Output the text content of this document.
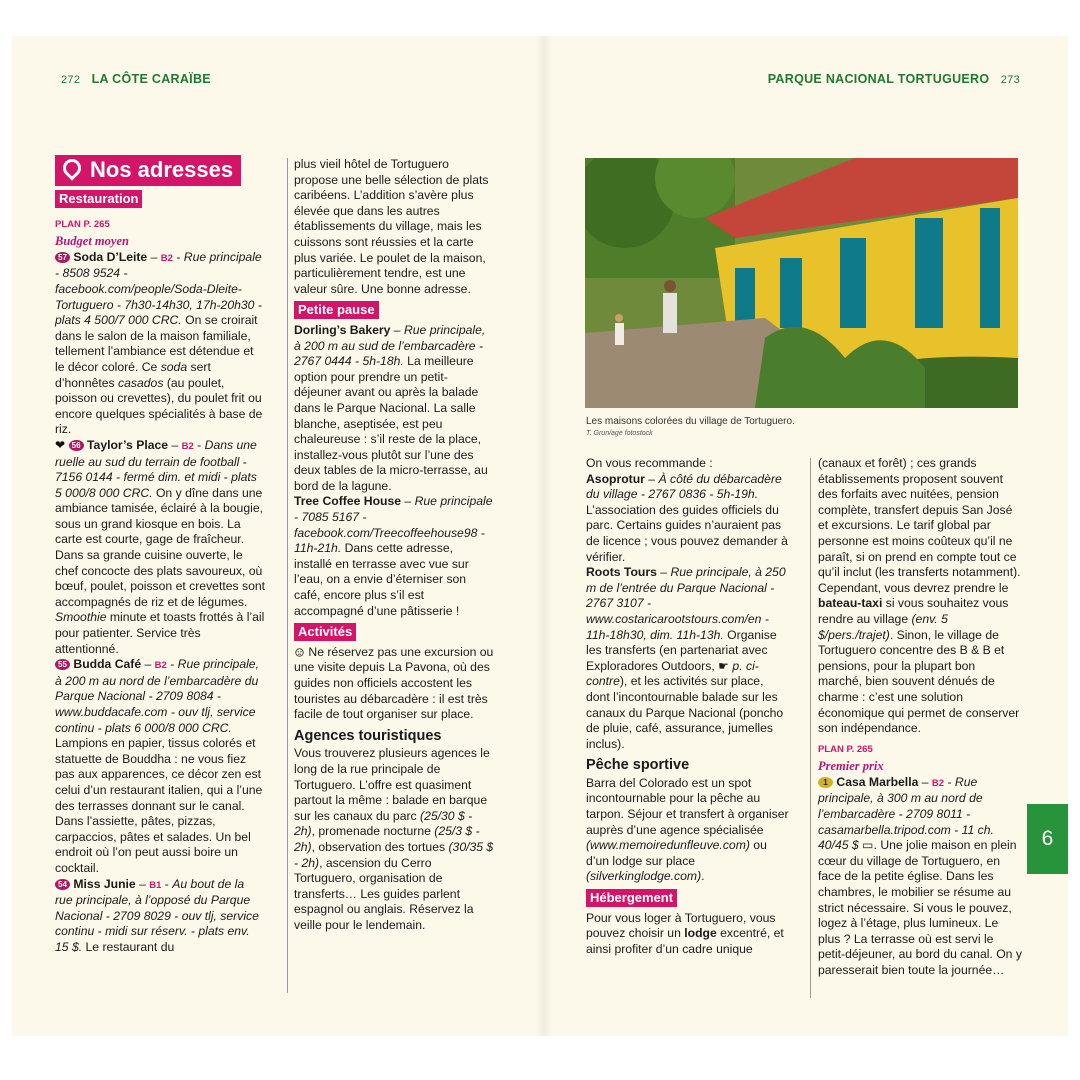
272 LA CÔTE CARAÏBE	PARQUE NACIONAL TORTUGUERO 273
Nos adresses
Restauration
PLAN P. 265
Budget moyen

57 Soda D’Leite – B2 - Rue principale - 8508 9524 - facebook.com/people/Soda-Dleite-Tortuguero - 7h30-14h30, 17h-20h30 - plats 4 500/7 000 CRC. On se croirait dans le salon de la maison familiale, tellement l’ambiance est détendue et le décor coloré. Ce soda sert d’honnêtes casados (au poulet, poisson ou crevettes), du poulet frit ou encore quelques spécialités à base de riz.

❤ 56 Taylor’s Place – B2 - Dans une ruelle au sud du terrain de football - 7156 0144 - fermé dim. et midi - plats 5 000/8 000 CRC. On y dîne dans une ambiance tamisée, éclairé à la bougie, sous un grand kiosque en bois. La carte est courte, gage de fraîcheur. Dans sa grande cuisine ouverte, le chef concocte des plats savoureux, où bœuf, poulet, poisson et crevettes sont accompagnés de riz et de légumes. Smoothie minute et toasts frottés à l’ail pour patienter. Service très attentionné.

55 Budda Café – B2 - Rue principale, à 200 m au nord de l’embarcadère du Parque Nacional - 2709 8084 - www.buddacafe.com - ouv tlj, service continu - plats 6 000/8 000 CRC. Lampions en papier, tissus colorés et statuette de Bouddha : ne vous fiez pas aux apparences, ce décor zen est celui d’un restaurant italien, qui a l’une des terrasses donnant sur le canal. Dans l’assiette, pâtes, pizzas, carpaccios, pâtes et salades. Un bel endroit où l’on peut aussi boire un cocktail.

54 Miss Junie – B1 - Au bout de la rue principale, à l’opposé du Parque Nacional - 2709 8029 - ouv tlj, service continu - midi sur réserv. - plats env. 15 $. Le restaurant du

plus vieil hôtel de Tortuguero propose une belle sélection de plats caribéens. L’addition s’avère plus élevée que dans les autres établissements du village, mais les cuissons sont réussies et la carte plus variée. Le poulet de la maison, particulièrement tendre, est une valeur sûre. Une bonne adresse.

Petite pause

Dorling’s Bakery – Rue principale, à 200 m au sud de l’embarcadère - 2767 0444 - 5h-18h. La meilleure option pour prendre un petit-déjeuner avant ou après la balade dans le Parque Nacional. La salle blanche, aseptisée, est peu chaleureuse : s’il reste de la place, installez-vous plutôt sur l’une des deux tables de la micro-terrasse, au bord de la lagune.

Tree Coffee House – Rue principale - 7085 5167 - facebook.com/Treecoffeehouse98 - 11h-21h. Dans cette adresse, installé en terrasse avec vue sur l’eau, on a envie d’éterniser son café, encore plus s’il est accompagné d’une pâtisserie !

Activités

Ne réservez pas une excursion ou une visite depuis La Pavona, où des guides non officiels accostent les touristes au débarcadère : il est très facile de tout organiser sur place.

Agences touristiques

Vous trouverez plusieurs agences le long de la rue principale de Tortuguero. L’offre est quasiment partout la même : balade en barque sur les canaux du parc (25/30 $ - 2h), promenade nocturne (25/3 $ - 2h), observation des tortues (30/35 $ - 2h), ascension du Cerro Tortuguero, organisation de transferts… Les guides parlent espagnol ou anglais. Réservez la veille pour le lendemain.

Les maisons colorées du village de Tortuguero.
T. Grun/age fotostock

On vous recommande :

Asoprotur – À côté du débarcadère du village - 2767 0836 - 5h-19h. L’association des guides officiels du parc. Certains guides n’auraient pas de licence ; vous pouvez demander à vérifier.

Roots Tours – Rue principale, à 250 m de l’entrée du Parque Nacional - 2767 3107 - www.costaricarootstours.com/en - 11h-18h30, dim. 11h-13h. Organise les transferts (en partenariat avec Exploradores Outdoors, ☛ p. ci-contre), et les activités sur place, dont l’incontournable balade sur les canaux du Parque Nacional (poncho de pluie, café, assurance, jumelles inclus).

Pêche sportive

Barra del Colorado est un spot incontournable pour la pêche au tarpon. Séjour et transfert à organiser auprès d’une agence spécialisée (www.memoiredunfleuve.com) ou d’un lodge sur place (silverkinglodge.com).

Hébergement

Pour vous loger à Tortuguero, vous pouvez choisir un lodge excentré, et ainsi profiter d’un cadre unique

(canaux et forêt) ; ces grands établissements proposent souvent des forfaits avec nuitées, pension complète, transfert depuis San José et excursions. Le tarif global par personne est moins coûteux qu’il ne paraît, si on prend en compte tout ce qu’il inclut (les transferts notamment). Cependant, vous devrez prendre le bateau-taxi si vous souhaitez vous rendre au village (env. 5 $/pers./trajet). Sinon, le village de Tortuguero concentre des B & B et pensions, pour la plupart bon marché, bien souvent dénués de charme : c’est une solution économique qui permet de conserver son indépendance.

PLAN P. 265
Premier prix

1 Casa Marbella – B2 - Rue principale, à 300 m au nord de l’embarcadère - 2709 8011 - casamarbella.tripod.com - 11 ch. 40/45 $ ▭. Une jolie maison en plein cœur du village de Tortuguero, en face de la petite église. Dans les chambres, le mobilier se résume au strict nécessaire. Si vous le pouvez, logez à l’étage, plus lumineux. Le plus ? La terrasse où est servi le petit-déjeuner, au bord du canal. On y paresserait bien toute la journée…

6
